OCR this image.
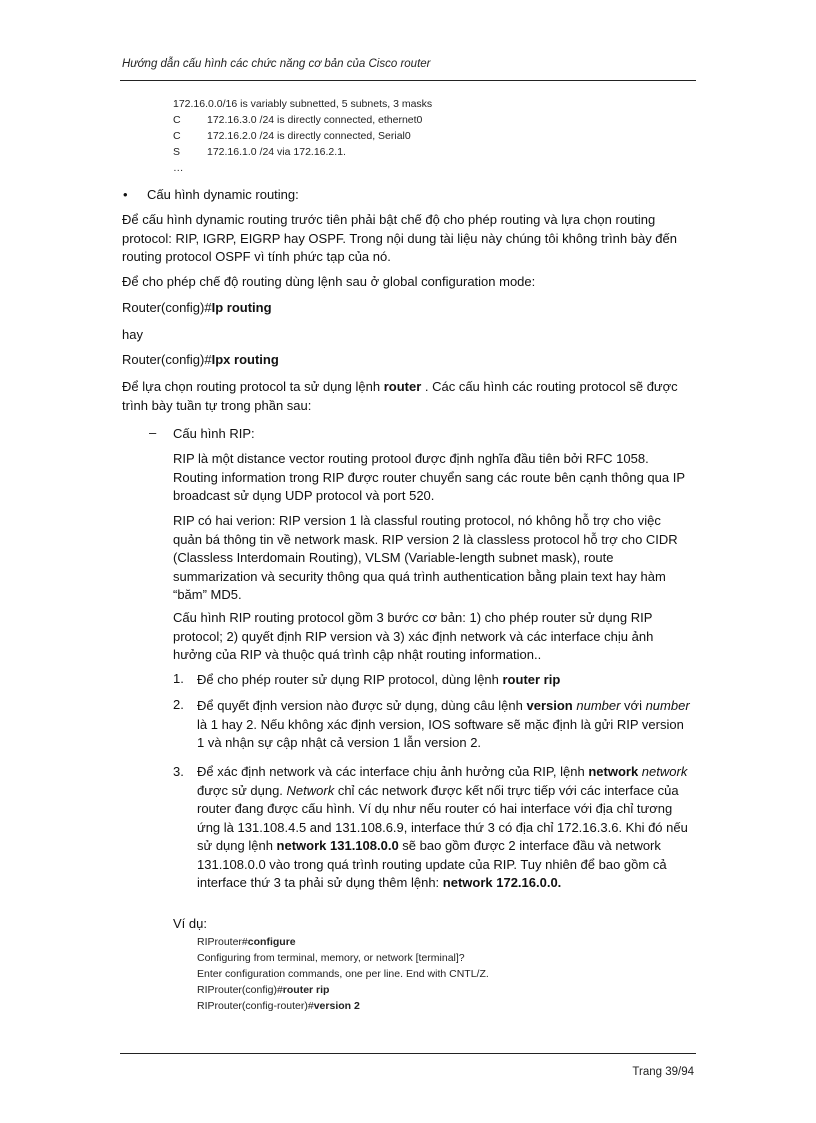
Hướng dẫn cấu hình các chức năng cơ bản của Cisco router
172.16.0.0/16 is variably subnetted, 5 subnets, 3 masks
C	172.16.3.0 /24 is directly connected, ethernet0
C	172.16.2.0 /24 is directly connected, Serial0
S	172.16.1.0 /24 via 172.16.2.1.
…
• Cấu hình dynamic routing:
Để cấu hình dynamic routing trước tiên phải bật chế độ cho phép routing và lựa chọn routing protocol: RIP, IGRP, EIGRP hay OSPF. Trong nội dung tài liệu này chúng tôi không trình bày đến routing protocol OSPF vì tính phức tạp của nó.
Để cho phép chế độ routing dùng lệnh sau ở global configuration mode:
Router(config)#Ip routing
hay
Router(config)#Ipx routing
Để lựa chọn routing protocol ta sử dụng lệnh router . Các cấu hình các routing protocol sẽ được trình bày tuần tự trong phần sau:
– Cấu hình RIP:
RIP là một distance vector routing protool được định nghĩa đầu tiên bởi RFC 1058. Routing information trong RIP được router chuyển sang các route bên cạnh thông qua IP broadcast sử dụng UDP protocol và port 520.
RIP có hai verion: RIP version 1 là classful routing protocol, nó không hỗ trợ cho việc quản bá thông tin về network mask. RIP version 2 là classless protocol hỗ trợ cho CIDR (Classless Interdomain Routing), VLSM (Variable-length subnet mask), route summarization và security thông qua quá trình authentication bằng plain text hay hàm “băm” MD5.
Cấu hình RIP routing protocol gồm 3 bước cơ bản: 1) cho phép router sử dụng RIP protocol; 2) quyết định RIP version và 3) xác định network và các interface chịu ảnh hưởng của RIP và thuộc quá trình cập nhật routing information..
1. Để cho phép router sử dụng RIP protocol, dùng lệnh router rip
2. Để quyết định version nào được sử dụng, dùng câu lệnh version number với number là 1 hay 2. Nếu không xác định version, IOS software sẽ mặc định là gửi RIP version 1 và nhận sự cập nhật cả version 1 lẫn version 2.
3. Để xác định network và các interface chịu ảnh hưởng của RIP, lệnh network network được sử dụng. Network chỉ các network được kết nối trực tiếp với các interface của router đang được cấu hình. Ví dụ như nếu router có hai interface với địa chỉ tương ứng là 131.108.4.5 and 131.108.6.9, interface thứ 3 có địa chỉ 172.16.3.6. Khi đó nếu sử dụng lệnh network 131.108.0.0 sẽ bao gồm được 2 interface đầu và network 131.108.0.0 vào trong quá trình routing update của RIP. Tuy nhiên để bao gồm cả interface thứ 3 ta phải sử dụng thêm lệnh: network 172.16.0.0.
Ví dụ:
RIProuter#configure
Configuring from terminal, memory, or network [terminal]?
Enter configuration commands, one per line. End with CNTL/Z.
RIProuter(config)#router rip
RIProuter(config-router)#version 2
Trang 39/94
